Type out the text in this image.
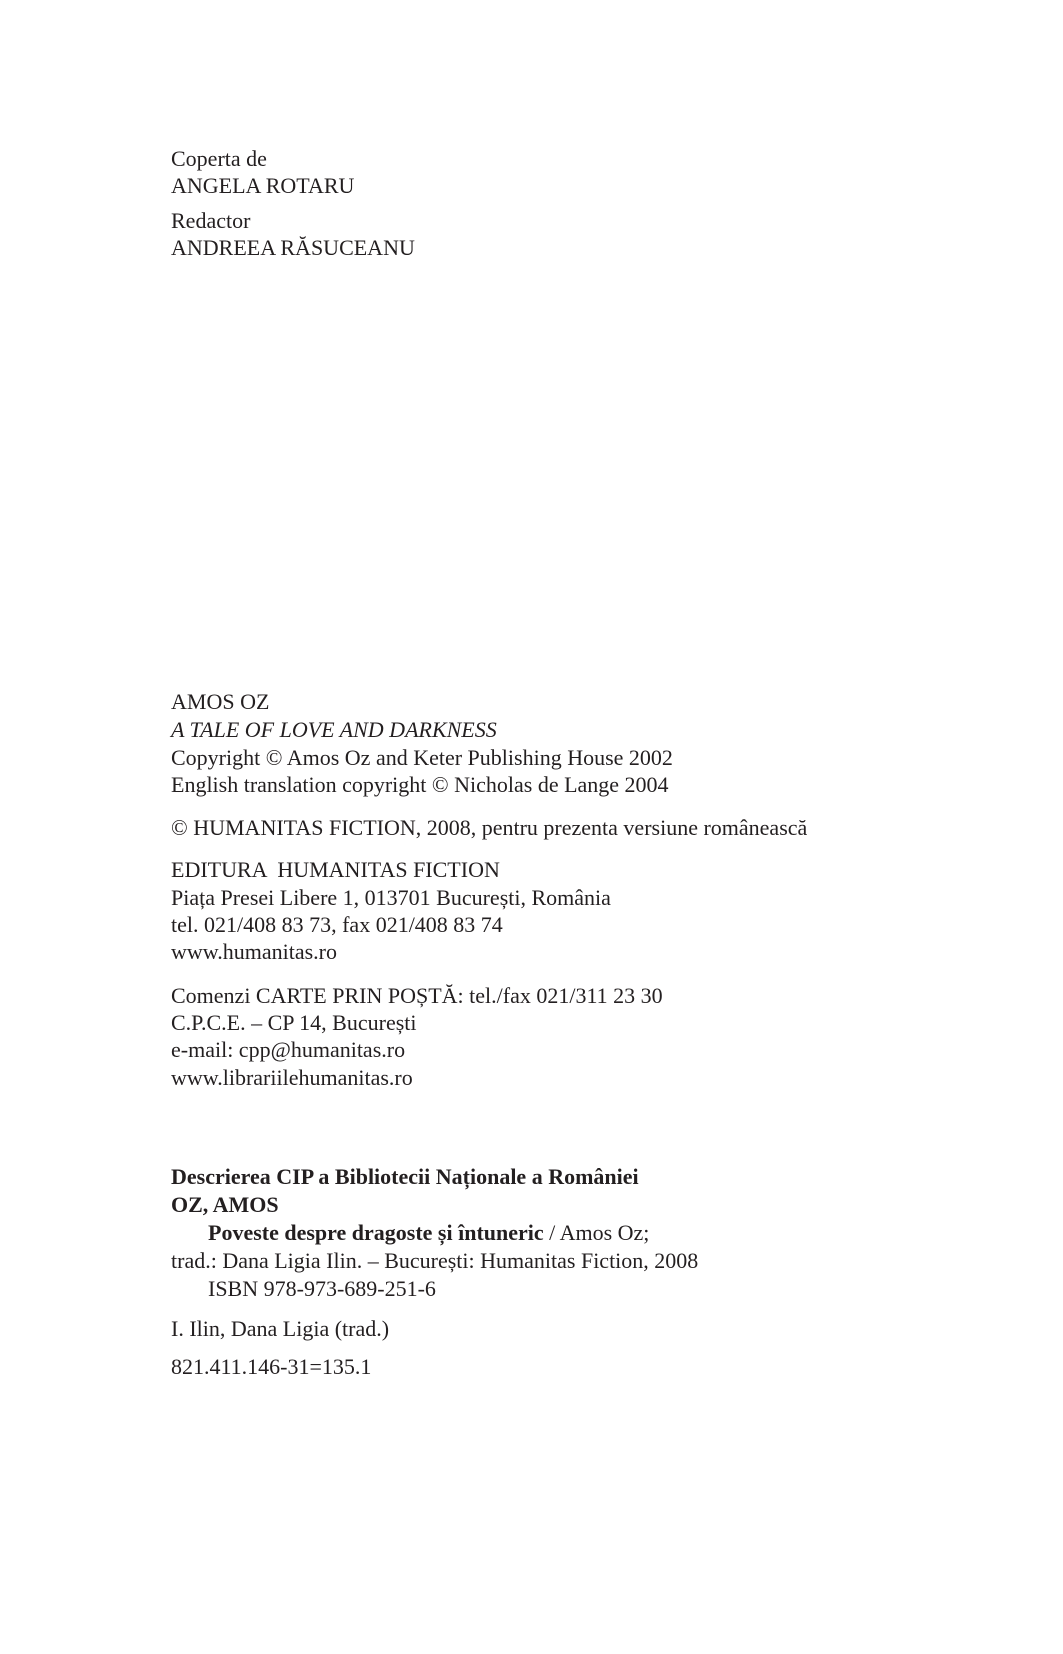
Coperta de
ANGELA ROTARU
Redactor
ANDREEA RĂSUCEANU
AMOS OZ
A TALE OF LOVE AND DARKNESS
Copyright © Amos Oz and Keter Publishing House 2002
English translation copyright © Nicholas de Lange 2004
© HUMANITAS FICTION, 2008, pentru prezenta versiune românească
EDITURA  HUMANITAS FICTION
Piața Presei Libere 1, 013701 București, România
tel. 021/408 83 73, fax 021/408 83 74
www.humanitas.ro
Comenzi CARTE PRIN POȘTĂ: tel./fax 021/311 23 30
C.P.C.E. – CP 14, București
e-mail: cpp@humanitas.ro
www.librariilehumanitas.ro
Descrierea CIP a Bibliotecii Naționale a României
OZ, AMOS
Poveste despre dragoste și întuneric / Amos Oz;
trad.: Dana Ligia Ilin. – București: Humanitas Fiction, 2008
ISBN 978-973-689-251-6
I. Ilin, Dana Ligia (trad.)
821.411.146-31=135.1
